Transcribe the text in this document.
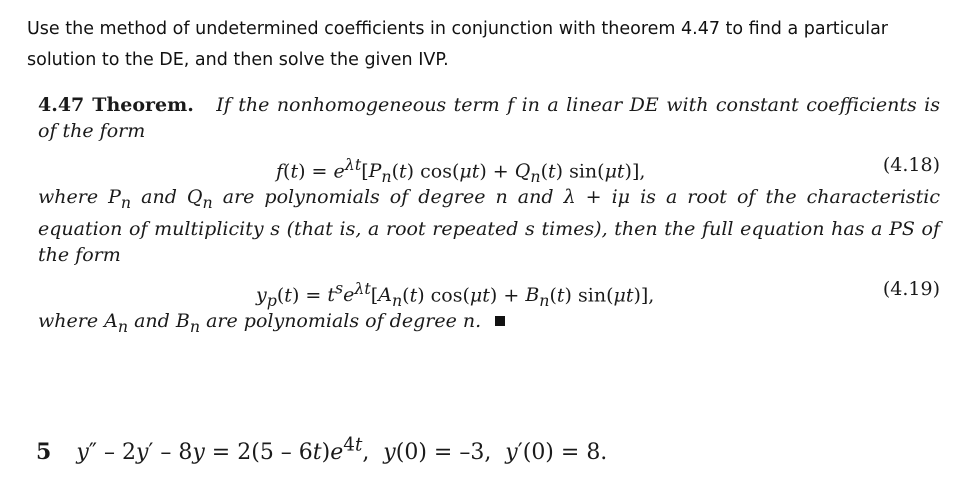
Use the method of undetermined coefficients in conjunction with theorem 4.47 to find a particular solution to the DE, and then solve the given IVP.
4.47 Theorem. If the nonhomogeneous term f in a linear DE with constant coefficients is of the form
$f(t) = e^{\lambda t}[P_n(t) \cos(\mu t) + Q_n(t)$ sin(μt)],	(4.18)
where $P_n$ and $Q_n$ are polynomials of degree n and λ + iμ is a root of the characteristic equation of multiplicity s (that is, a root repeated s times), then the full equation has a PS of the form
$y_p(t) = t^se^{\lambda t}[A_n(t) \cos(\mu t) + B_n(t)$ sin(μt)],	(4.19)
where $A_n$ and $B_n$ are polynomials of degree n.
5 $y'' - 2y' - 8y = 2(5 - 6t)e^{4t}$,  y(0) = –3,  y′(0) = 8.
